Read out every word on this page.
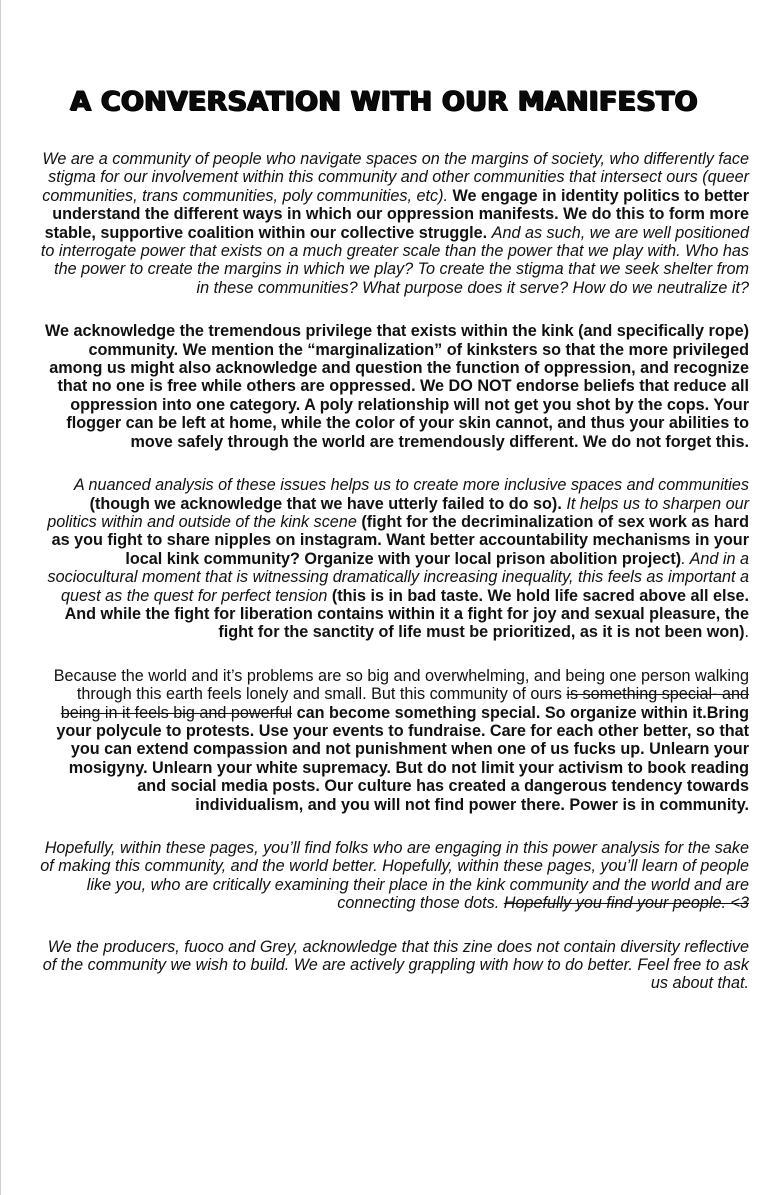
A CONVERSATION WITH OUR MANIFESTO

We are a community of people who navigate spaces on the margins of society, who differently face stigma for our involvement within this community and other communities that intersect ours (queer communities, trans communities, poly communities, etc). We engage in identity politics to better understand the different ways in which our oppression manifests. We do this to form more stable, supportive coalition within our collective struggle. And as such, we are well positioned to interrogate power that exists on a much greater scale than the power that we play with. Who has the power to create the margins in which we play? To create the stigma that we seek shelter from in these communities? What purpose does it serve? How do we neutralize it?

We acknowledge the tremendous privilege that exists within the kink (and specifically rope) community. We mention the “marginalization” of kinksters so that the more privileged among us might also acknowledge and question the function of oppression, and recognize that no one is free while others are oppressed. We DO NOT endorse beliefs that reduce all oppression into one category. A poly relationship will not get you shot by the cops. Your flogger can be left at home, while the color of your skin cannot, and thus your abilities to move safely through the world are tremendously different. We do not forget this.

A nuanced analysis of these issues helps us to create more inclusive spaces and communities (though we acknowledge that we have utterly failed to do so). It helps us to sharpen our politics within and outside of the kink scene (fight for the decriminalization of sex work as hard as you fight to share nipples on instagram. Want better accountability mechanisms in your local kink community? Organize with your local prison abolition project). And in a sociocultural moment that is witnessing dramatically increasing inequality, this feels as important a quest as the quest for perfect tension (this is in bad taste. We hold life sacred above all else. And while the fight for liberation contains within it a fight for joy and sexual pleasure, the fight for the sanctity of life must be prioritized, as it is not been won).

Because the world and it’s problems are so big and overwhelming, and being one person walking through this earth feels lonely and small. But this community of ours is something special- and being in it feels big and powerful can become something special. So organize within it.Bring your polycule to protests. Use your events to fundraise. Care for each other better, so that you can extend compassion and not punishment when one of us fucks up. Unlearn your mosigyny. Unlearn your white supremacy. But do not limit your activism to book reading and social media posts. Our culture has created a dangerous tendency towards individualism, and you will not find power there. Power is in community.

Hopefully, within these pages, you’ll find folks who are engaging in this power analysis for the sake of making this community, and the world better. Hopefully, within these pages, you’ll learn of people like you, who are critically examining their place in the kink community and the world and are connecting those dots. Hopefully you find your people. <3

We the producers, fuoco and Grey, acknowledge that this zine does not contain diversity reflective of the community we wish to build. We are actively grappling with how to do better. Feel free to ask us about that.
